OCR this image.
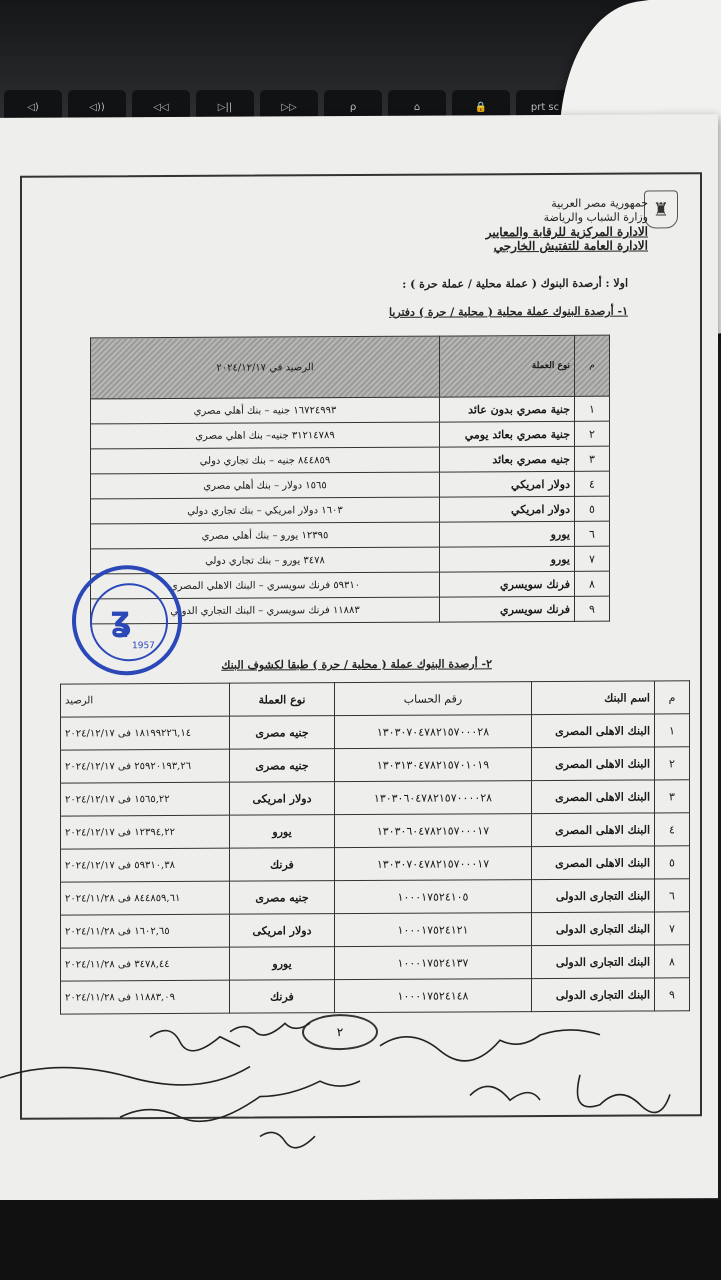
◁)	◁))	◁◁	▷||	▷▷	ρ	⌂	🔒	prt sc
♜
جمهورية مصر العربية
وزارة الشباب والرياضة
الادارة المركزية للرقابة والمعايير
الادارة العامة للتفتيش الخارجي
اولا : أرصدة البنوك ( عملة محلية / عملة حرة ) :
١- أرصدة البنوك عملة محلية ( محلية / حرة ) دفتريا
م	نوع العملة	الرصيد في ٢٠٢٤/١٢/١٧
١	جنية مصري بدون عائد	١٦٧٢٤٩٩٣ جنيه – بنك أهلي مصري
٢	جنية مصري بعائد يومي	٣١٢١٤٧٨٩ جنيه– بنك اهلي مصري
٣	جنيه مصري بعائد	٨٤٤٨٥٩ جنيه – بنك تجاري دولي
٤	دولار امريكي	١٥٦٥ دولار – بنك أهلي مصري
٥	دولار امريكي	١٦٠٣ دولار امريكي – بنك تجاري دولي
٦	يورو	١٢٣٩٥ يورو – بنك أهلي مصري
٧	يورو	٣٤٧٨ يورو – بنك تجاري دولي
٨	فرنك سويسري	٥٩٣١٠ فرنك سويسري – البنك الاهلي المصري
٩	فرنك سويسري	١١٨٨٣ فرنك سويسري – البنك التجاري الدولي
ʓ
1957
٢- أرصدة البنوك عملة ( محلية / حرة ) طبقا لكشوف البنك
م	اسم البنك	رقم الحساب	نوع العملة	الرصيد
١	البنك الاهلى المصرى	١٣٠٣٠٧٠٤٧٨٢١٥٧٠٠٠٢٨	جنيه مصرى	١٨١٩٩٢٢٦,١٤ فى ٢٠٢٤/١٢/١٧
٢	البنك الاهلى المصرى	١٣٠٣١٣٠٤٧٨٢١٥٧٠١٠١٩	جنيه مصرى	٢٥٩٢٠١٩٣,٢٦ فى ٢٠٢٤/١٢/١٧
٣	البنك الاهلى المصرى	١٣٠٣٠٦٠٤٧٨٢١٥٧٠٠٠٠٢٨	دولار امريكى	١٥٦٥,٢٢ فى ٢٠٢٤/١٢/١٧
٤	البنك الاهلى المصرى	١٣٠٣٠٦٠٤٧٨٢١٥٧٠٠٠١٧	يورو	١٢٣٩٤,٢٢ فى ٢٠٢٤/١٢/١٧
٥	البنك الاهلى المصرى	١٣٠٣٠٧٠٤٧٨٢١٥٧٠٠٠١٧	فرنك	٥٩٣١٠,٣٨ فى ٢٠٢٤/١٢/١٧
٦	البنك التجارى الدولى	١٠٠٠١٧٥٢٤١٠٥	جنيه مصرى	٨٤٤٨٥٩,٦١ فى ٢٠٢٤/١١/٢٨
٧	البنك التجارى الدولى	١٠٠٠١٧٥٢٤١٢١	دولار امريكى	١٦٠٢,٦٥ فى ٢٠٢٤/١١/٢٨
٨	البنك التجارى الدولى	١٠٠٠١٧٥٢٤١٣٧	يورو	٣٤٧٨,٤٤ فى ٢٠٢٤/١١/٢٨
٩	البنك التجارى الدولى	١٠٠٠١٧٥٢٤١٤٨	فرنك	١١٨٨٣,٠٩ فى ٢٠٢٤/١١/٢٨
٢
